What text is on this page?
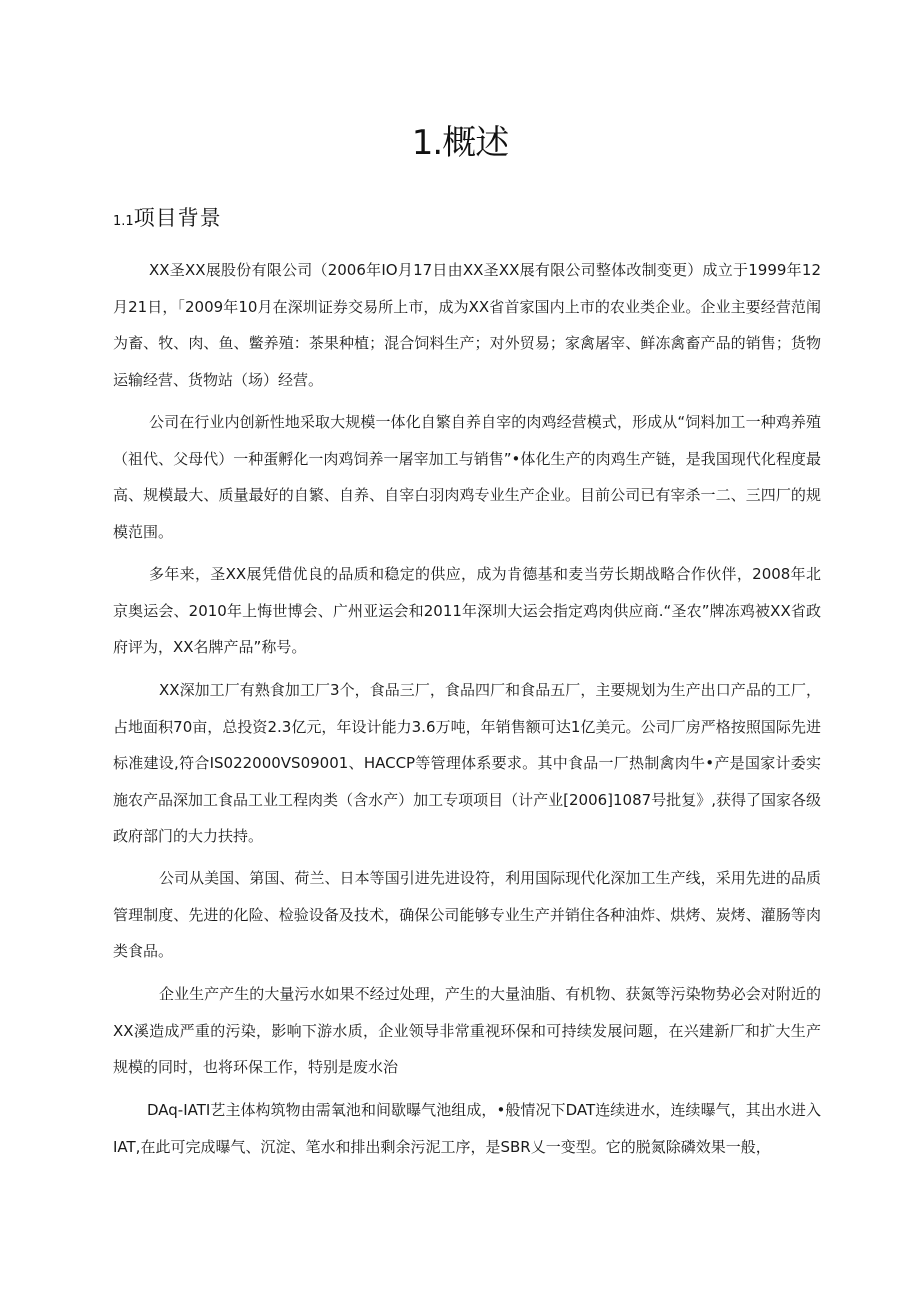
1.概述
1.1项目背景

XX圣XX展股份有限公司（2006年IO月17日由XX圣XX展有限公司整体改制变更）成立于1999年12月21日，「2009年10月在深圳证券交易所上市，成为XX省首家国内上市的农业类企业。企业主要经营范闱为畜、牧、肉、鱼、鳖养殖：茶果种植；混合饲料生产；对外贸易；家禽屠宰、鲜冻禽畜产品的销售；货物运输经营、货物站（场）经营。

公司在行业内创新性地采取大规模一体化自繁自养自宰的肉鸡经营模式，形成从“饲料加工一种鸡养殖（祖代、父母代）一种蛋孵化一肉鸡饲养一屠宰加工与销售”•体化生产的肉鸡生产链，是我国现代化程度最高、规模最大、质量最好的自繁、自养、自宰白羽肉鸡专业生产企业。目前公司已有宰杀一二、三四厂的规模范围。

多年来，圣XX展凭借优良的品质和稳定的供应，成为肯德基和麦当劳长期战略合作伙伴，2008年北京奥运会、2010年上悔世博会、广州亚运会和2011年深圳大运会指定鸡肉供应商.“圣农”牌冻鸡被XX省政府评为，XX名牌产品”称号。

XX深加工厂有熟食加工厂3个，食品三厂，食品四厂和食品五厂，主要规划为生产出口产品的工厂，占地面积70亩，总投资2.3亿元，年设计能力3.6万吨，年销售额可达1亿美元。公司厂房严格按照国际先进标准建设,符合IS022000VS09001、HACCP等管理体系要求。其中食品一厂热制禽肉牛•产是国家计委实施农产品深加工食品工业工程肉类（含水产）加工专项项目（计产业[2006]1087号批复》,获得了国家各级政府部门的大力扶持。

公司从美国、第国、荷兰、日本等国引进先进设符，利用国际现代化深加工生产线，采用先进的品质管理制度、先进的化险、检验设备及技术，确保公司能够专业生产并销住各种油炸、烘烤、炭烤、灌肠等肉类食品。

企业生产产生的大量污水如果不经过处理，产生的大量油脂、有机物、获氮等污染物势必会对附近的XX溪造成严重的污染，影响下游水质，企业领导非常重视环保和可持续发展问题，在兴建新厂和扩大生产规模的同时，也将环保工作，特别是废水治

DAq-IATI艺主体构筑物由需氧池和间歇曝气池组成，•般情况下DAT连续进水，连续曝气，其出水进入IAT,在此可完成曝气、沉淀、笔水和排出剩余污泥工序，是SBR乂一变型。它的脱氮除磷效果一般，
